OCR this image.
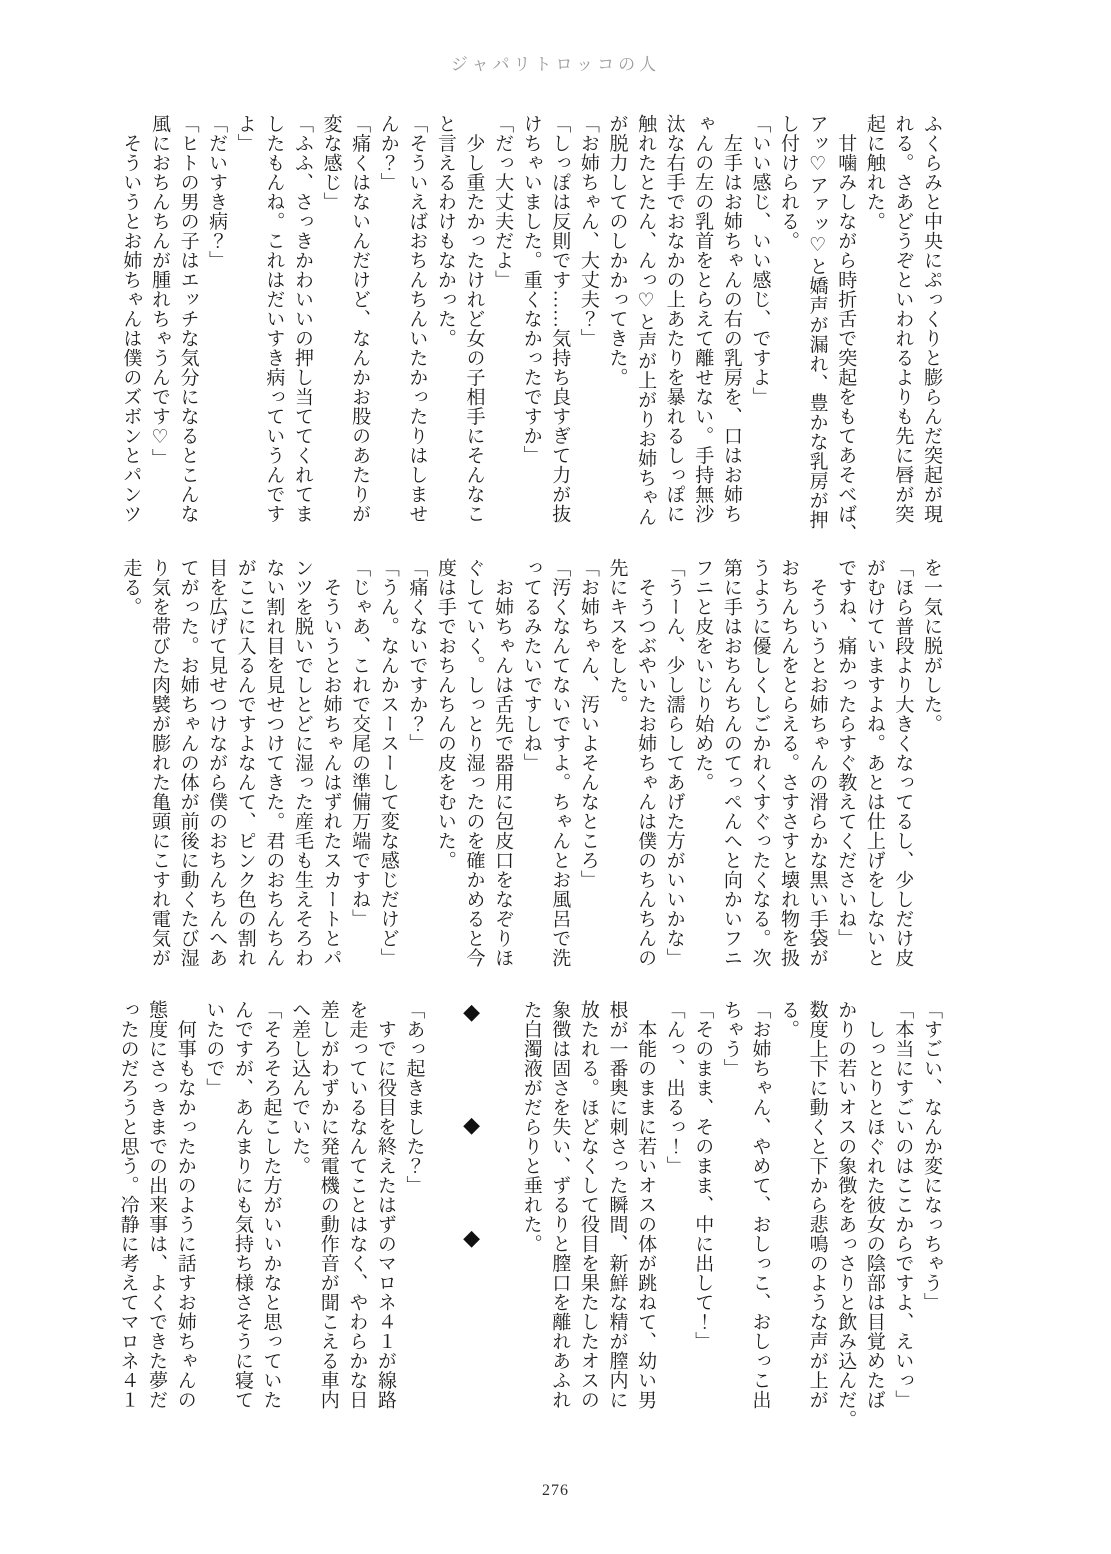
ジャパリトロッコの人
ふくらみと中央にぷっくりと膨らんだ突起が現
れる。さあどうぞといわれるよりも先に唇が突
起に触れた。
　甘噛みしながら時折舌で突起をもてあそべば、
アッ♡アァッ♡と嬌声が漏れ、豊かな乳房が押
し付けられる。
「いい感じ、いい感じ、ですよ」
　左手はお姉ちゃんの右の乳房を、口はお姉ち
ゃんの左の乳首をとらえて離せない。手持無沙
汰な右手でおなかの上あたりを暴れるしっぽに
触れたとたん、んっ♡と声が上がりお姉ちゃん
が脱力してのしかかってきた。
「お姉ちゃん、大丈夫？」
「しっぽは反則です……気持ち良すぎて力が抜
けちゃいました。重くなかったですか」
「だっ大丈夫だよ」
　少し重たかったけれど女の子相手にそんなこ
と言えるわけもなかった。
「そういえばおちんちんいたかったりはしませ
んか？」
「痛くはないんだけど、なんかお股のあたりが
変な感じ」
「ふふ、さっきかわいいの押し当ててくれてま
したもんね。これはだいすき病っていうんです
よ」
「だいすき病？」
「ヒトの男の子はエッチな気分になるとこんな
風におちんちんが腫れちゃうんです♡」
　そういうとお姉ちゃんは僕のズボンとパンツ
を一気に脱がした。
「ほら普段より大きくなってるし、少しだけ皮
がむけていますよね。あとは仕上げをしないと
ですね、痛かったらすぐ教えてくださいね」
　そういうとお姉ちゃんの滑らかな黒い手袋が
おちんちんをとらえる。さすさすと壊れ物を扱
うように優しくしごかれくすぐったくなる。次
第に手はおちんちんのてっぺんへと向かいフニ
フニと皮をいじり始めた。
「うーん、少し濡らしてあげた方がいいかな」
　そうつぶやいたお姉ちゃんは僕のちんちんの
先にキスをした。
「お姉ちゃん、汚いよそんなところ」
「汚くなんてないですよ。ちゃんとお風呂で洗
ってるみたいですしね」
　お姉ちゃんは舌先で器用に包皮口をなぞりほ
ぐしていく。しっとり湿ったのを確かめると今
度は手でおちんちんの皮をむいた。
「痛くないですか？」
「うん。なんかスースーして変な感じだけど」
「じゃあ、これで交尾の準備万端ですね」
　そういうとお姉ちゃんはずれたスカートとパ
ンツを脱いでしとどに湿った産毛も生えそろわ
ない割れ目を見せつけてきた。君のおちんちん
がここに入るんですよなんて、ピンク色の割れ
目を広げて見せつけながら僕のおちんちんへあ
てがった。お姉ちゃんの体が前後に動くたび湿
り気を帯びた肉襞が膨れた亀頭にこすれ電気が
走る。
「すごい、なんか変になっちゃう」
「本当にすごいのはここからですよ、えいっ」
　しっとりとほぐれた彼女の陰部は目覚めたば
かりの若いオスの象徴をあっさりと飲み込んだ。
数度上下に動くと下から悲鳴のような声が上が
る。
「お姉ちゃん、やめて、おしっこ、おしっこ出
ちゃう」
「そのまま、そのまま、中に出して！」
「んっ、出るっ！」
　本能のままに若いオスの体が跳ねて、幼い男
根が一番奥に刺さった瞬間、新鮮な精が膣内に
放たれる。ほどなくして役目を果たしたオスの
象徴は固さを失い、ずるりと膣口を離れあふれ
た白濁液がだらりと垂れた。
◆　　　　◆　　　　◆
「あっ起きました？」
　すでに役目を終えたはずのマロネ４１が線路
を走っているなんてことはなく、やわらかな日
差しがわずかに発電機の動作音が聞こえる車内
へ差し込んでいた。
「そろそろ起こした方がいいかなと思っていた
んですが、あんまりにも気持ち様さそうに寝て
いたので」
　何事もなかったかのように話すお姉ちゃんの
態度にさっきまでの出来事は、よくできた夢だ
ったのだろうと思う。冷静に考えてマロネ４１
276
